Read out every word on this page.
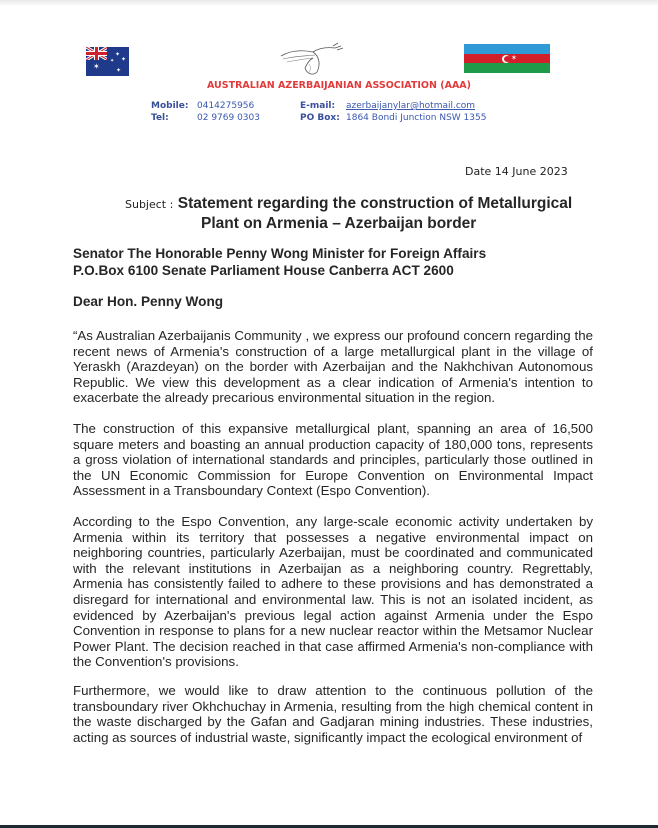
✶
✦
✦ ✦
✦
✶
AUSTRALIAN AZERBAIJANIAN ASSOCIATION (AAA)
Mobile: 0414275956
Tel:	02 9769 0303
E-mail: azerbaijanylar@hotmail.com
PO Box: 1864 Bondi Junction NSW 1355
Date 14 June 2023
Subject : Statement regarding the construction of Metallurgical
Plant on Armenia – Azerbaijan border
Senator The Honorable Penny Wong Minister for Foreign Affairs
P.O.Box 6100 Senate Parliament House Canberra ACT 2600
Dear Hon. Penny Wong

“As Australian Azerbaijanis Community , we express our profound concern regarding the recent news of Armenia's construction of a large metallurgical plant in the village of Yeraskh (Arazdeyan) on the border with Azerbaijan and the Nakhchivan Autonomous Republic. We view this development as a clear indication of Armenia's intention to exacerbate the already precarious environmental situation in the region.

The construction of this expansive metallurgical plant, spanning an area of 16,500 square meters and boasting an annual production capacity of 180,000 tons, represents a gross violation of international standards and principles, particularly those outlined in the UN Economic Commission for Europe Convention on Environmental Impact Assessment in a Transboundary Context (Espo Convention).

According to the Espo Convention, any large-scale economic activity undertaken by Armenia within its territory that possesses a negative environmental impact on neighboring countries, particularly Azerbaijan, must be coordinated and communicated with the relevant institutions in Azerbaijan as a neighboring country. Regrettably, Armenia has consistently failed to adhere to these provisions and has demonstrated a disregard for international and environmental law. This is not an isolated incident, as evidenced by Azerbaijan's previous legal action against Armenia under the Espo Convention in response to plans for a new nuclear reactor within the Metsamor Nuclear Power Plant. The decision reached in that case affirmed Armenia's non-compliance with the Convention's provisions.

Furthermore, we would like to draw attention to the continuous pollution of the transboundary river Okhchuchay in Armenia, resulting from the high chemical content in the waste discharged by the Gafan and Gadjaran mining industries. These industries, acting as sources of industrial waste, significantly impact the ecological environment of
